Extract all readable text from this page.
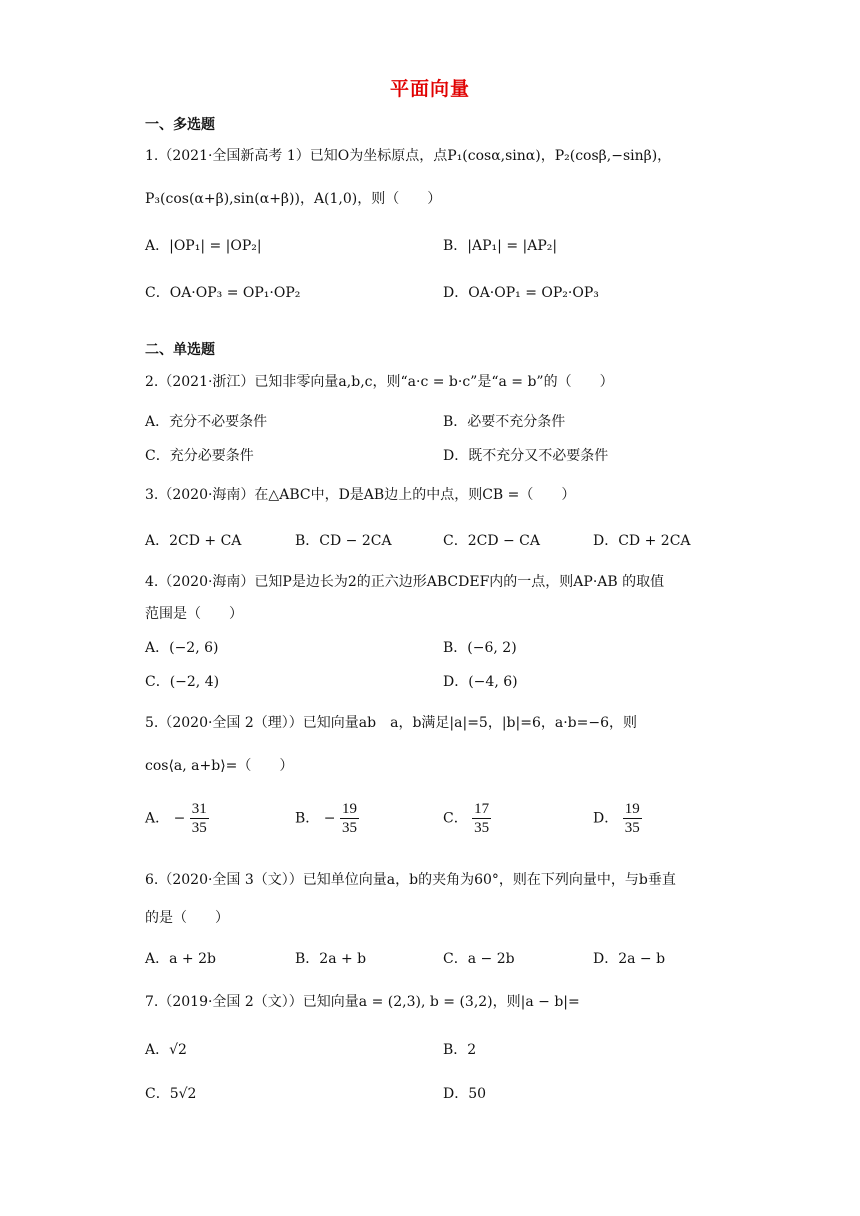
平面向量
一、多选题
1.（2021·全国新高考 1）已知O为坐标原点，点P₁(cosα,sinα)，P₂(cosβ,−sinβ)，
P₃(cos(α+β),sin(α+β))，A(1,0)，则（　　）
A．|OP₁| = |OP₂|	B．|AP₁| = |AP₂|
C．OA·OP₃ = OP₁·OP₂	D．OA·OP₁ = OP₂·OP₃
二、单选题
2.（2021·浙江）已知非零向量a,b,c，则“a·c = b·c”是“a = b”的（　　）
A．充分不必要条件	B．必要不充分条件
C．充分必要条件	D．既不充分又不必要条件
3.（2020·海南）在△ABC中，D是AB边上的中点，则CB =（　　）
A．2CD + CA	B．CD − 2CA	C．2CD − CA	D．CD + 2CA
4.（2020·海南）已知P是边长为2的正六边形ABCDEF内的一点，则AP·AB 的取值
范围是（　　）
A．(−2, 6)	B．(−6, 2)
C．(−2, 4)	D．(−4, 6)
5.（2020·全国 2（理））已知向量ab　a，b满足|a|=5，|b|=6，a·b=−6，则
cos⟨a, a+b⟩=（　　）
A． − $\frac{31}{35}$	B． − $\frac{19}{35}$	C． $\frac{17}{35}$	D． $\frac{19}{35}$
6.（2020·全国 3（文））已知单位向量a，b的夹角为60°，则在下列向量中，与b垂直
的是（　　）
A．a + 2b	B．2a + b	C．a − 2b	D．2a − b
7.（2019·全国 2（文））已知向量a = (2,3), b = (3,2)，则|a − b|=
A．√2	B．2
C．5√2	D．50
